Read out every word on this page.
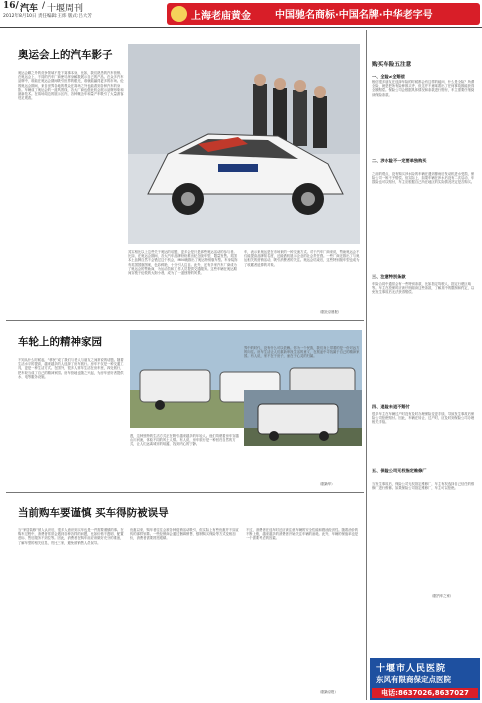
16/ 汽车 / 十堰周刊
2012年8月10日 责任编辑:王炜 版式:吕大芳	上海老庙黄金 中国驰名商标·中国名牌·中华老字号
奥运会上的汽车影子
奥运会聊之外的竞争领域不是下赛事本身，比如，我们熟悉的汽车营销,在奥运会上，不同的汽车厂商使尽浑身解数展示自己的产品。在众多汽车品牌中，谁能在奥运会期间吸引世界的眼光，谁就能赢得更多的市场。伦敦奥运会期间，来自世界各地的观众在赛场之外也能看到各种汽车的身影。车辆成了奥运会的一道风景线，各大厂商也借此机会展示品牌形象和最新技术。在赛场周边的展示区内，各种概念车和量产车吸引了大量游客驻足观看。
其实相比以上这些关于奥运的话题，更多会是只是那些奥运活动的参与者。比如，在奥运会期间，各大汽车品牌纷纷推出纪念版车型，限量发售。英国本土品牌自然不会错过这个机会，MINI就推出了奥运特别版车型。车身装饰有英国国旗图案，色彩鲜艳，十分引人注目。此外，还有多家汽车厂商成为了奥运会的赞助商，为运动员和工作人员提供交通服务。这些车辆在奥运期间穿梭于伦敦的大街小巷，成为了一道独特的风景。
车，表示来奥运是在市场来的一种交流方式。对于汽车厂商来说，赞助奥运会不仅能提高品牌知名度，还能借机展示企业的社会责任感。一些厂商还推出了与奥运相关的营销活动，吸引消费者的关注。奥运会结束后，这些特别版车型也成为了收藏者追捧的对象。
（据北京晨报）
车轮上的精神家园
不知从什么时候起，“移民”成了我们与老人与朋友之间常说的话题。随着生活水平的提高，越来越多的人选择了房车旅行。房车不仅是一种交通工具，更是一种生活方式。在国外，很多人常年生活在房车里，四处旅行，把车轮当成了自己的精神家园。房车营地也随之兴起，为房车爱好者提供水、电等服务设施。
透，这种独特的生活方式正在吸引越来越多的年轻人。他们驾驶着房车穿越山川河流，体验不同的风土人情。有人说，房车旅行是一种回归自然的方式，让人们远离城市的喧嚣，找到内心的宁静。
界中的时代，没有什么可以依赖。你为一个民族，我们身上带着的是一份对远方的向往。房车生活让人们重新审视生活的意义，在旅途中寻找属于自己的精神家园。有人说，家不在于房子，而在于心灵的归属。
（据新华）
当前购车要谨慎 买车得防被误导
当“家居装修”被人认识后，很多人意识到买车也是一件需要谨慎的事。在购车过程中，消费者常常会遇到各种各样的问题，比如价格不透明、配置虚标、售后服务不到位等。因此，消费者在购车前应该做好充分的准备，了解车型的相关信息，货比三家，避免被销售人员误导。
优惠以来，购车者往往会被各种促销活动吸引，但实际上有些优惠并不如宣传的那样划算。一些经销商会通过捆绑销售、强制购买保险等方式变相加价，消费者需要擦亮眼睛。
不过，消费者在选车时还应该注意车辆的安全性能和燃油经济性。随着油价的不断上涨，越来越多的消费者开始关注车辆的油耗。此外，车辆的保值率也是一个需要考虑的因素。
（据新京报）
购买车险五注意
一、全险≠全赔偿
相信很多朋友在选择车险的时候都会有这样的疑问，什么是全险？所谓全险，就是把所有险种都买齐，但这并不意味着出了任何事故都能获得全额赔偿。保险公司会根据具体情况和条款进行赔付，车主需要仔细阅读保险条款。
二、涉水险不一定要单独购买
之前的观点，没有购买涉水险的车辆在遇到暴雨后发动机进水受损，保险公司一般不予赔偿。但实际上，如果车辆在涉水后没有二次启动，车损险也可以赔付，车主应根据自己所在地区的实际情况决定是否购买。
三、注意特别条款
车险合同中通常会有一些特别条款，比如指定驾驶人、指定行驶区域等。车主在投保时应该仔细阅读这些条款，了解其中的限制和约定，以免发生事故后无法获得赔偿。
四、退险未退不赔付
很多车主在车辆过户时没有及时办理保险变更手续，导致发生事故后保险公司拒绝赔付。因此，车辆在转让、过户时，应及时到保险公司办理相关手续。
五、保险公司无权指定维修厂
当发生事故后，保险公司无权指定维修厂，车主有权选择自己信任的维修厂进行维修。如果保险公司指定维修厂，车主可以拒绝。
（据汽车之家）
十堰市人民医院
东风有限商保定点医院
电话:8637026,8637027
